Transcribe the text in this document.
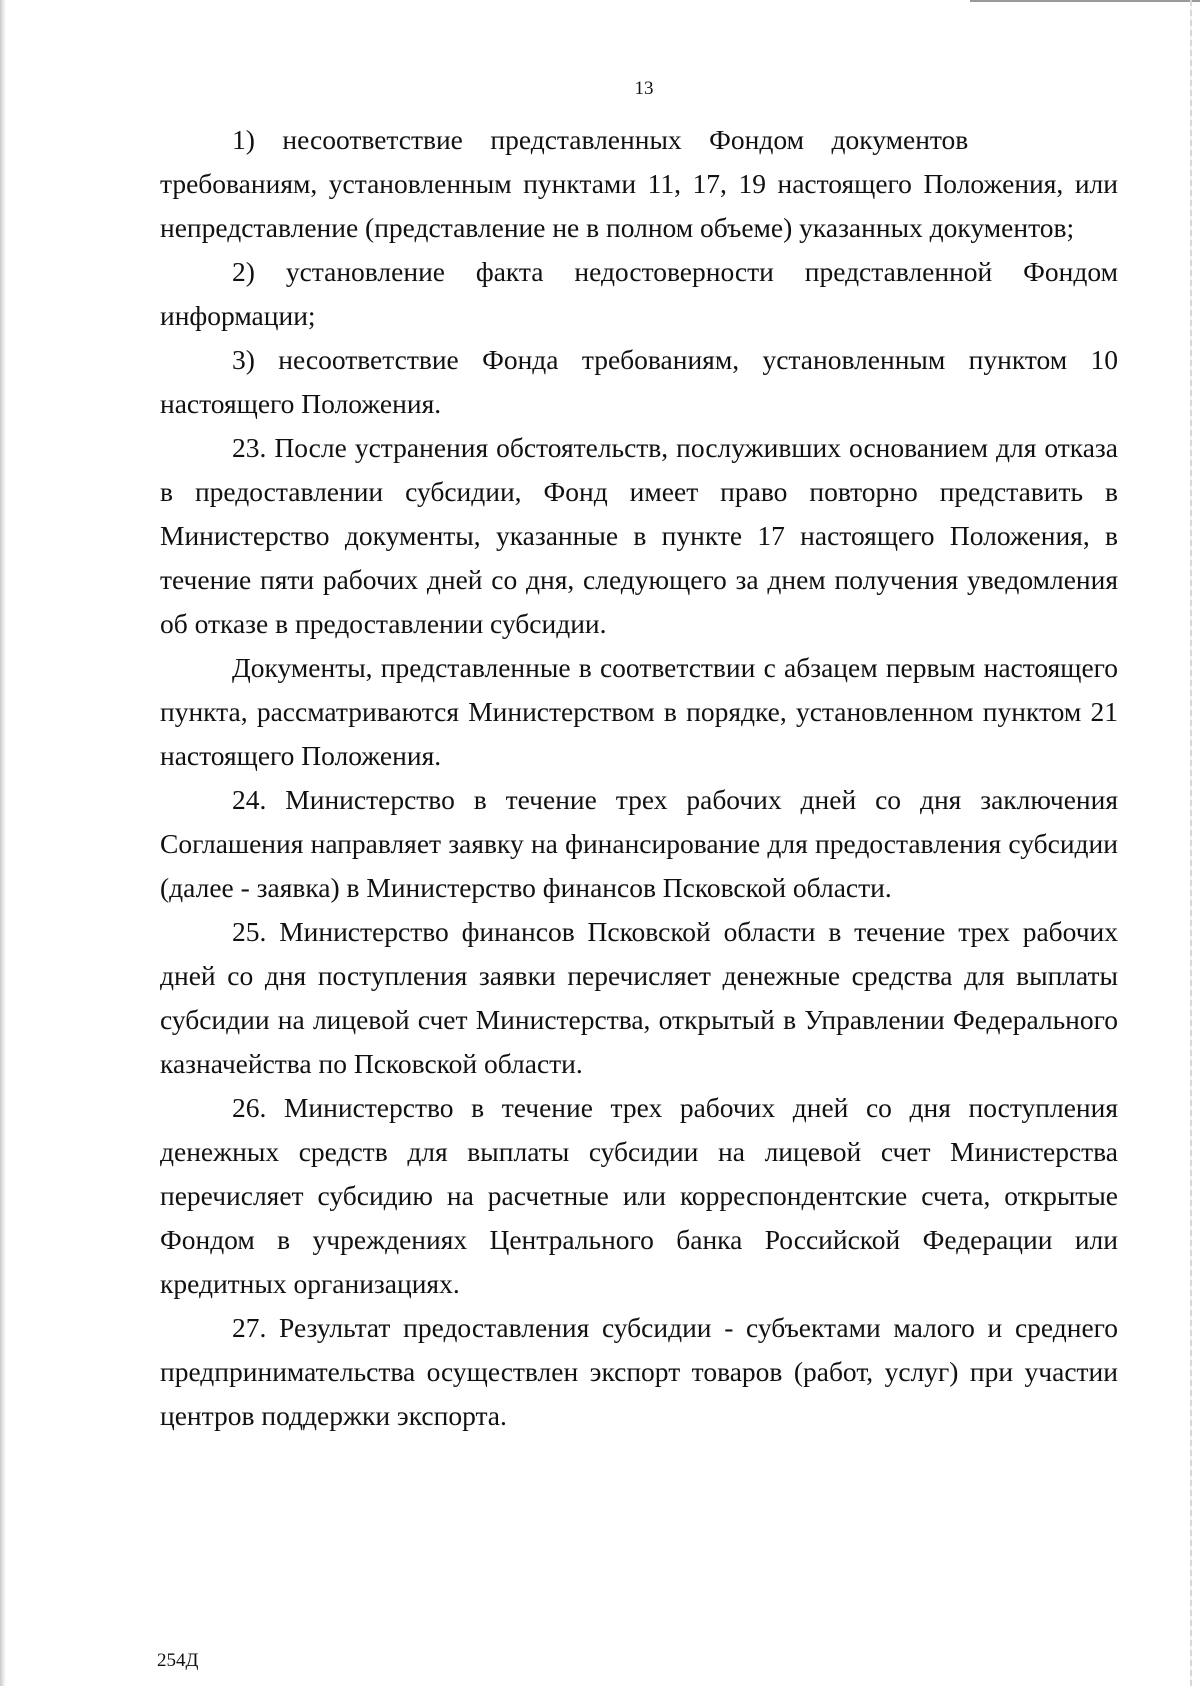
13

1) несоответствие представленных Фондом документов требованиям, установленным пунктами 11, 17, 19 настоящего Положения, или непредставление (представление не в полном объеме) указанных документов;

2) установление факта недостоверности представленной Фондом информации;

3) несоответствие Фонда требованиям, установленным пунктом 10 настоящего Положения.

23. После устранения обстоятельств, послуживших основанием для отказа в предоставлении субсидии, Фонд имеет право повторно представить в Министерство документы, указанные в пункте 17 настоящего Положения, в течение пяти рабочих дней со дня, следующего за днем получения уведомления об отказе в предоставлении субсидии.

Документы, представленные в соответствии с абзацем первым настоящего пункта, рассматриваются Министерством в порядке, установленном пунктом 21 настоящего Положения.

24. Министерство в течение трех рабочих дней со дня заключения Соглашения направляет заявку на финансирование для предоставления субсидии (далее - заявка) в Министерство финансов Псковской области.

25. Министерство финансов Псковской области в течение трех рабочих дней со дня поступления заявки перечисляет денежные средства для выплаты субсидии на лицевой счет Министерства, открытый в Управлении Федерального казначейства по Псковской области.

26. Министерство в течение трех рабочих дней со дня поступления денежных средств для выплаты субсидии на лицевой счет Министерства перечисляет субсидию на расчетные или корреспондентские счета, открытые Фондом в учреждениях Центрального банка Российской Федерации или кредитных организациях.

27. Результат предоставления субсидии - субъектами малого и среднего предпринимательства осуществлен экспорт товаров (работ, услуг) при участии центров поддержки экспорта.

254Д
